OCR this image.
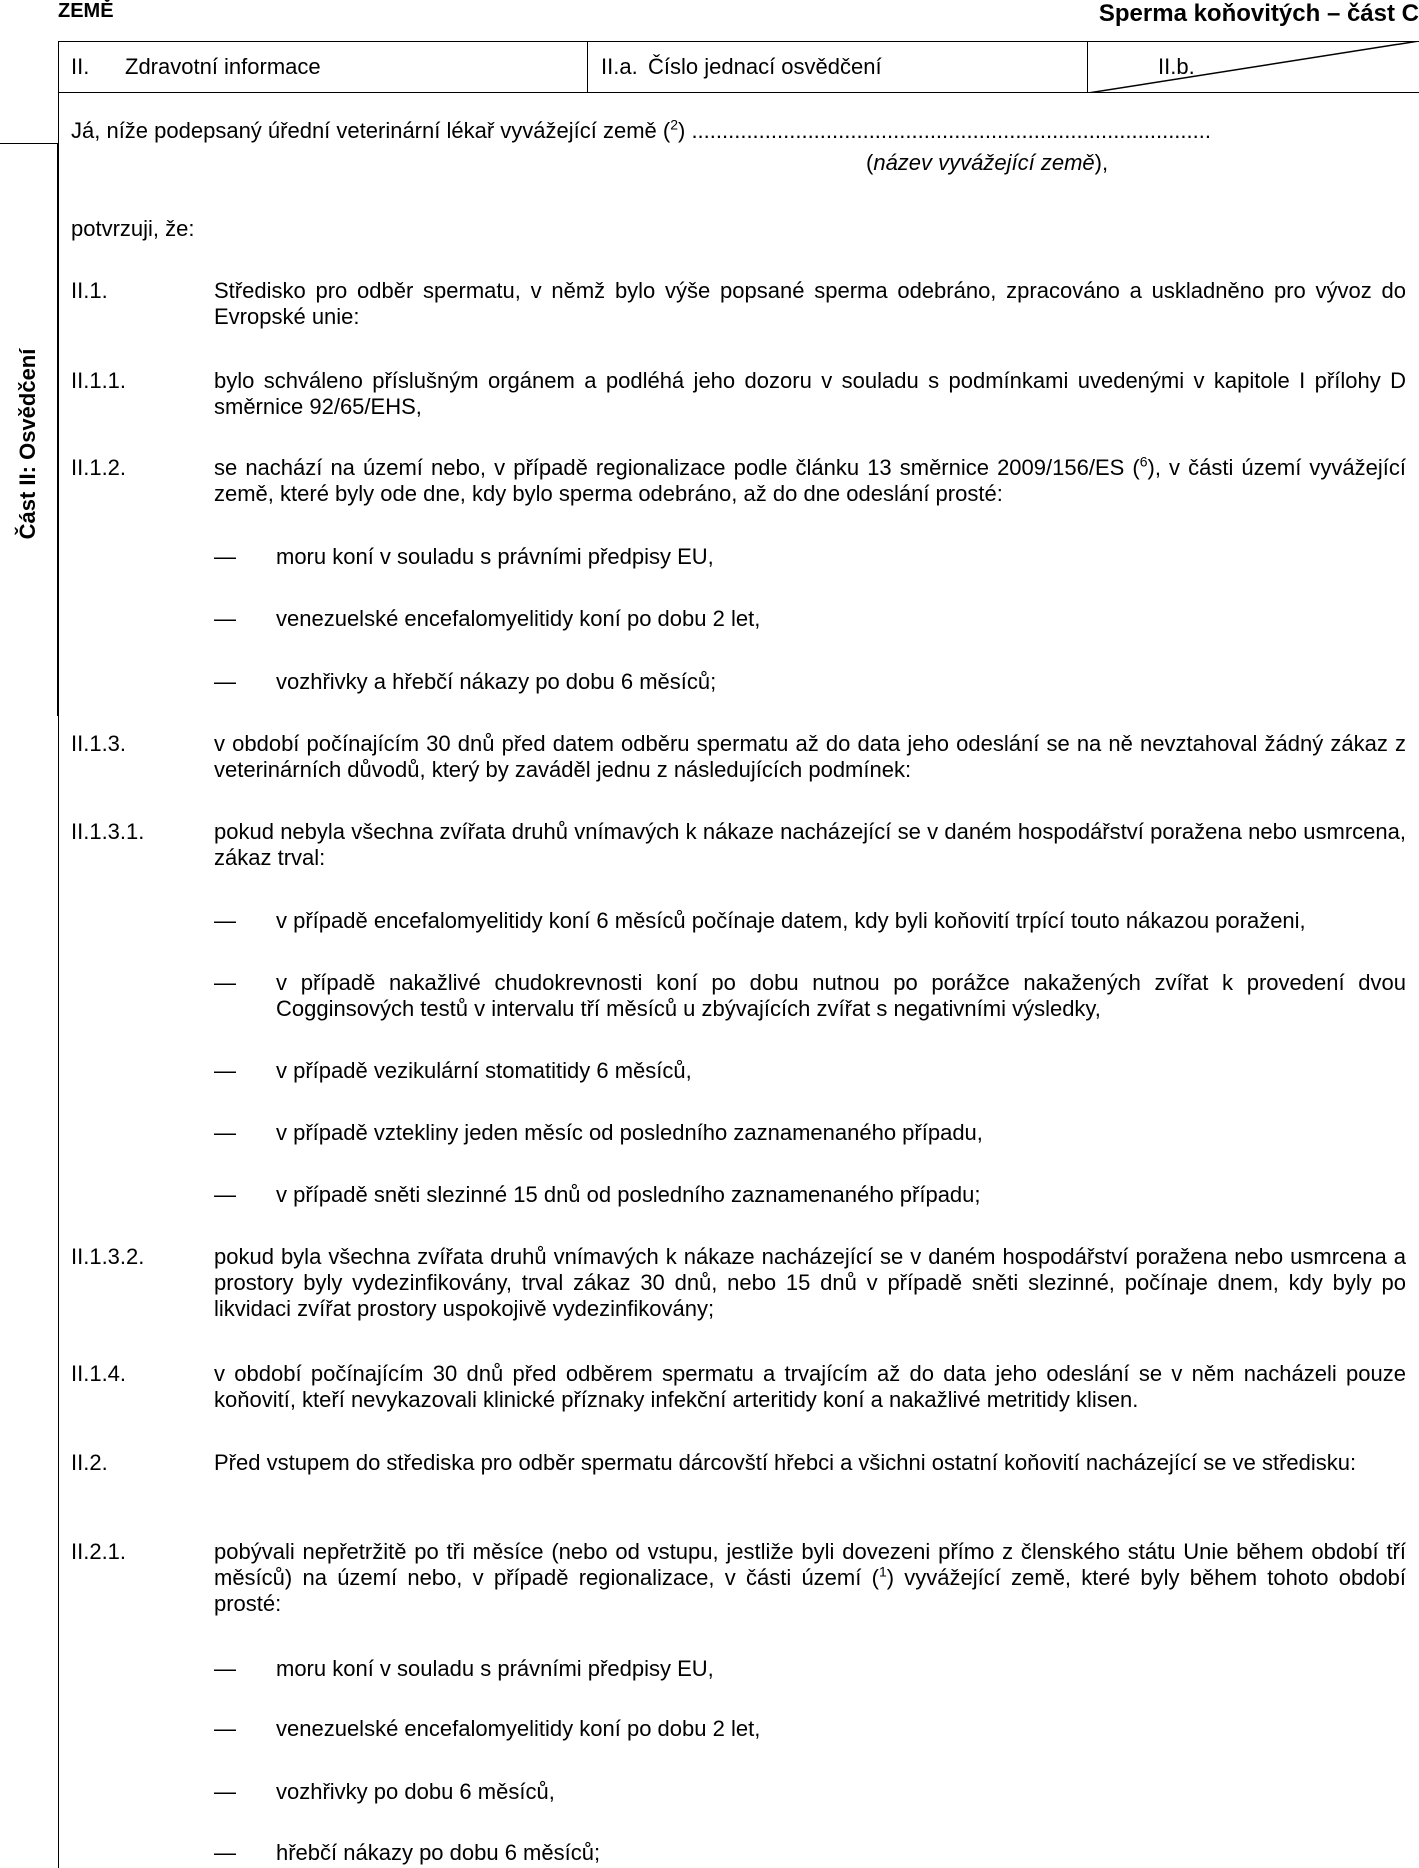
ZEMĚ	Sperma koňovitých – část C
II. Zdravotní informace	II.a. Číslo jednací osvědčení	II.b.
Část II: Osvědčení
Já, níže podepsaný úřední veterinární lékař vyvážející země ($^2$) .....................................................................................
(název vyvážející země),
potvrzuji, že:
II.1.	Středisko pro odběr spermatu, v němž bylo výše popsané sperma odebráno, zpracováno a uskladněno pro vývoz do Evropské unie:
II.1.1.	bylo schváleno příslušným orgánem a podléhá jeho dozoru v souladu s podmínkami uvedenými v kapitole I přílohy D směrnice 92/65/EHS,
II.1.2.	se nachází na území nebo, v případě regionalizace podle článku 13 směrnice 2009/156/ES ($^6$), v části území vyvážející země, které byly ode dne, kdy bylo sperma odebráno, až do dne odeslání prosté:
— moru koní v souladu s právními předpisy EU,
— venezuelské encefalomyelitidy koní po dobu 2 let,
— vozhřivky a hřebčí nákazy po dobu 6 měsíců;
II.1.3.	v období počínajícím 30 dnů před datem odběru spermatu až do data jeho odeslání se na ně nevztahoval žádný zákaz z veterinárních důvodů, který by zaváděl jednu z následujících podmínek:
II.1.3.1.	pokud nebyla všechna zvířata druhů vnímavých k nákaze nacházející se v daném hospodářství poražena nebo usmrcena, zákaz trval:
— v případě encefalomyelitidy koní 6 měsíců počínaje datem, kdy byli koňovití trpící touto nákazou poraženi,
— v případě nakažlivé chudokrevnosti koní po dobu nutnou po porážce nakažených zvířat k provedení dvou Cogginsových testů v intervalu tří měsíců u zbývajících zvířat s negativními výsledky,
— v případě vezikulární stomatitidy 6 měsíců,
— v případě vztekliny jeden měsíc od posledního zaznamenaného případu,
— v případě sněti slezinné 15 dnů od posledního zaznamenaného případu;
II.1.3.2.	pokud byla všechna zvířata druhů vnímavých k nákaze nacházející se v daném hospodářství poražena nebo usmrcena a prostory byly vydezinfikovány, trval zákaz 30 dnů, nebo 15 dnů v případě sněti slezinné, počínaje dnem, kdy byly po likvidaci zvířat prostory uspokojivě vydezinfikovány;
II.1.4.	v období počínajícím 30 dnů před odběrem spermatu a trvajícím až do data jeho odeslání se v něm nacházeli pouze koňovití, kteří nevykazovali klinické příznaky infekční arteritidy koní a nakažlivé metritidy klisen.
II.2.	Před vstupem do střediska pro odběr spermatu dárcovští hřebci a všichni ostatní koňovití nacházející se ve středisku:
II.2.1.	pobývali nepřetržitě po tři měsíce (nebo od vstupu, jestliže byli dovezeni přímo z členského státu Unie během období tří měsíců) na území nebo, v případě regionalizace, v části území ($^1$) vyvážející země, které byly během tohoto období prosté:
— moru koní v souladu s právními předpisy EU,
— venezuelské encefalomyelitidy koní po dobu 2 let,
— vozhřivky po dobu 6 měsíců,
— hřebčí nákazy po dobu 6 měsíců;
